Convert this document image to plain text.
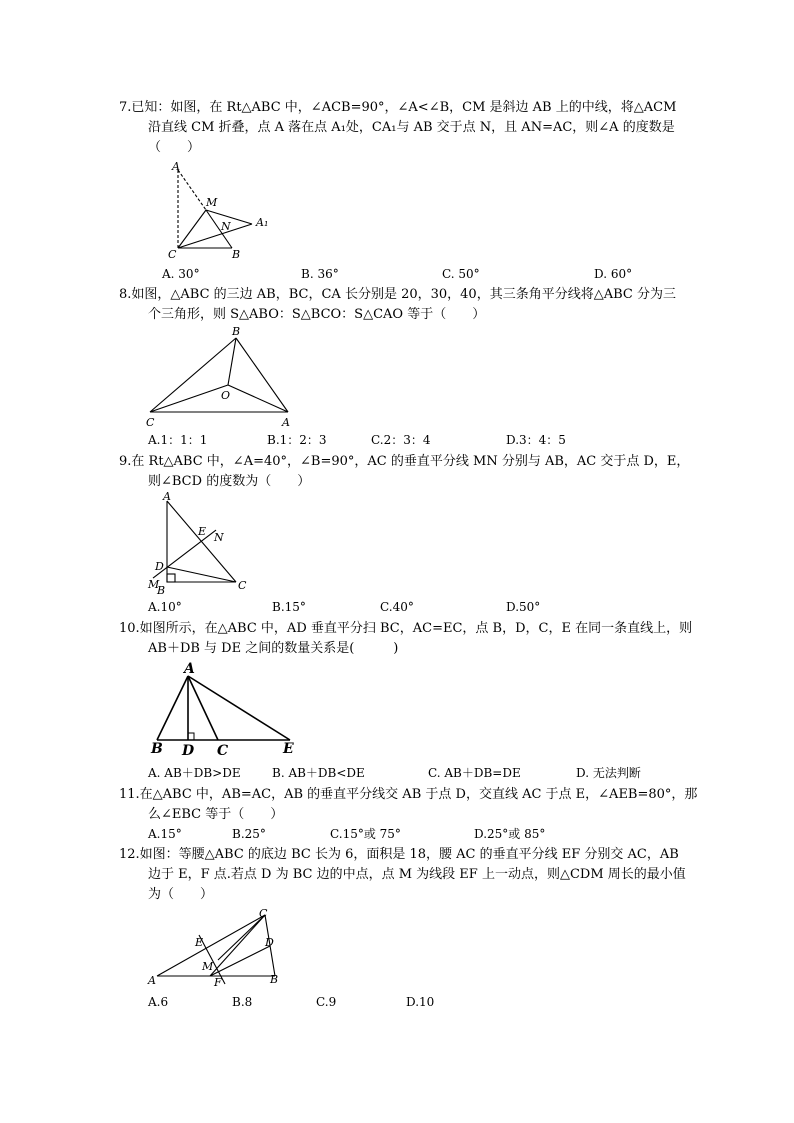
7.已知：如图，在 Rt△ABC 中，∠ACB=90°，∠A<∠B，CM 是斜边 AB 上的中线，将△ACM
沿直线 CM 折叠，点 A 落在点 A₁处，CA₁与 AB 交于点 N，且 AN=AC，则∠A 的度数是
（　　）
A
M
N A₁
C	B
A. 30°	B. 36°	C. 50°	D. 60°
8.如图，△ABC 的三边 AB，BC，CA 长分别是 20，30，40，其三条角平分线将△ABC 分为三
个三角形，则 S△ABO：S△BCO：S△CAO 等于（　　）
B
O
C	A
A.1：1：1	B.1：2：3	C.2：3：4	D.3：4：5
9.在 Rt△ABC 中，∠A=40°，∠B=90°，AC 的垂直平分线 MN 分别与 AB，AC 交于点 D，E，
则∠BCD 的度数为（　　）
A
E N
D
M
B	C
A.10°	B.15°	C.40°	D.50°
10.如图所示，在△ABC 中，AD 垂直平分扫 BC，AC=EC，点 B，D，C，E 在同一条直线上，则
AB＋DB 与 DE 之间的数量关系是(　　　)
A
B D C	E
A. AB＋DB>DE	B. AB＋DB<DE	C. AB＋DB=DE	D. 无法判断
11.在△ABC 中，AB=AC，AB 的垂直平分线交 AB 于点 D，交直线 AC 于点 E，∠AEB=80°，那
么∠EBC 等于（　　）
A.15°	B.25°	C.15°或 75°	D.25°或 85°
12.如图：等腰△ABC 的底边 BC 长为 6，面积是 18，腰 AC 的垂直平分线 EF 分别交 AC，AB
边于 E，F 点.若点 D 为 BC 边的中点，点 M 为线段 EF 上一动点，则△CDM 周长的最小值
为（　　）
C
E	D
M
A	F	B
A.6	B.8	C.9	D.10
